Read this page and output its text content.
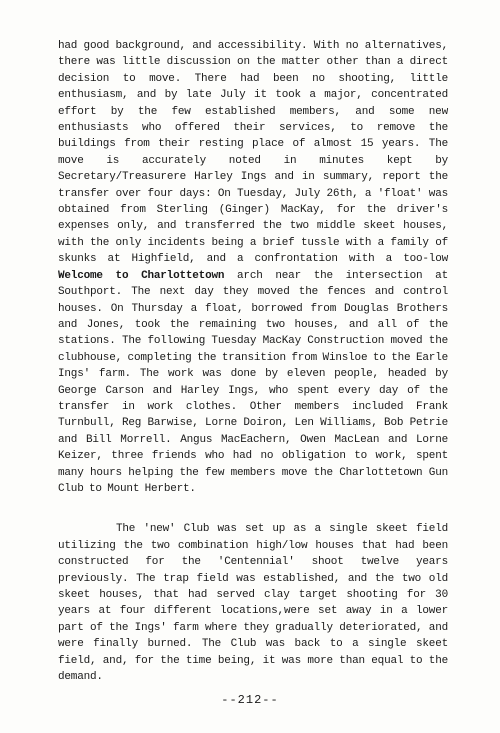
had good background, and accessibility. With no alternatives, there was little discussion on the matter other than a direct decision to move. There had been no shooting, little enthusiasm, and by late July it took a major, concentrated effort by the few established members, and some new enthusiasts who offered their services, to remove the buildings from their resting place of almost 15 years. The move is accurately noted in minutes kept by Secretary/Treasurere Harley Ings and in summary, report the transfer over four days: On Tuesday, July 26th, a 'float' was obtained from Sterling (Ginger) MacKay, for the driver's expenses only, and transferred the two middle skeet houses, with the only incidents being a brief tussle with a family of skunks at Highfield, and a confrontation with a too-low Welcome to Charlottetown arch near the intersection at Southport. The next day they moved the fences and control houses. On Thursday a float, borrowed from Douglas Brothers and Jones, took the remaining two houses, and all of the stations. The following Tuesday MacKay Construction moved the clubhouse, completing the transition from Winsloe to the Earle Ings' farm. The work was done by eleven people, headed by George Carson and Harley Ings, who spent every day of the transfer in work clothes. Other members included Frank Turnbull, Reg Barwise, Lorne Doiron, Len Williams, Bob Petrie and Bill Morrell. Angus MacEachern, Owen MacLean and Lorne Keizer, three friends who had no obligation to work, spent many hours helping the few members move the Charlottetown Gun Club to Mount Herbert.

The 'new' Club was set up as a single skeet field utilizing the two combination high/low houses that had been constructed for the 'Centennial' shoot twelve years previously. The trap field was established, and the two old skeet houses, that had served clay target shooting for 30 years at four different locations,were set away in a lower part of the Ings' farm where they gradually deteriorated, and were finally burned. The Club was back to a single skeet field, and, for the time being, it was more than equal to the demand.

--212--
